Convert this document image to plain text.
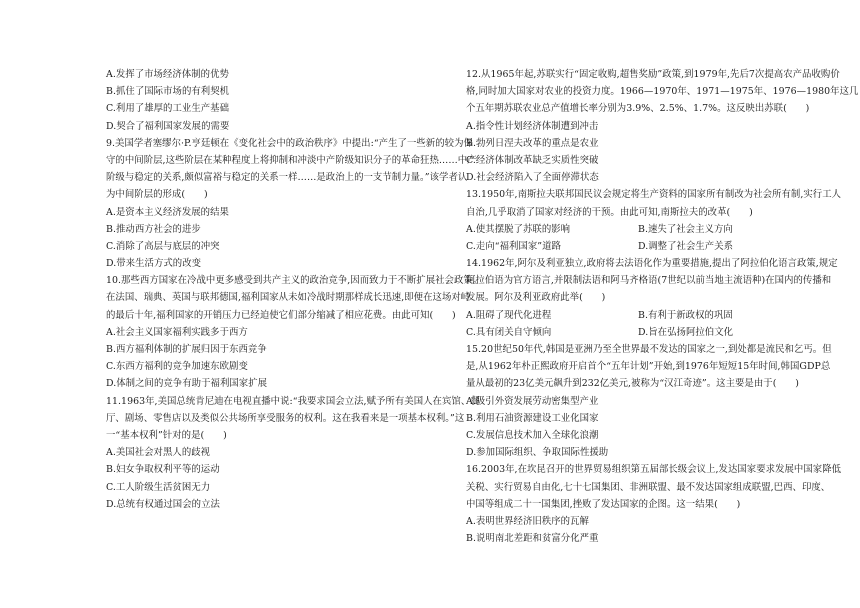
A.发挥了市场经济体制的优势
B.抓住了国际市场的有利契机
C.利用了雄厚的工业生产基础
D.契合了福利国家发展的需要
9.美国学者塞缪尔·P.亨廷顿在《变化社会中的政治秩序》中提出:“产生了一些新的较为保
守的中间阶层,这些阶层在某种程度上将抑制和冲淡中产阶级知识分子的革命狂热……中产
阶级与稳定的关系,颇似富裕与稳定的关系一样……是政治上的一支节制力量。”该学者认
为中间阶层的形成(　　)
A.是资本主义经济发展的结果
B.推动西方社会的进步
C.消除了高层与底层的冲突
D.带来生活方式的改变
10.那些西方国家在冷战中更多感受到共产主义的政治竞争,因而致力于不断扩展社会政策。
在法国、瑞典、英国与联邦德国,福利国家从未如冷战时期那样成长迅速,即便在这场对峙
的最后十年,福利国家的开销压力已经迫使它们部分缩减了相应花费。由此可知(　　)
A.社会主义国家福利实践多于西方
B.西方福利体制的扩展归因于东西竞争
C.东西方福利的竞争加速东欧剧变
D.体制之间的竞争有助于福利国家扩展
11.1963年,美国总统肯尼迪在电视直播中说:“我要求国会立法,赋予所有美国人在宾馆、餐
厅、剧场、零售店以及类似公共场所享受服务的权利。这在我看来是一项基本权利。”这
一“基本权利”针对的是(　　)
A.美国社会对黑人的歧视
B.妇女争取权利平等的运动
C.工人阶级生活贫困无力
D.总统有权通过国会的立法
12.从1965年起,苏联实行“固定收购,超售奖励”政策,到1979年,先后7次提高农产品收购价
格,同时加大国家对农业的投资力度。1966—1970年、1971—1975年、1976—1980年这几
个五年期苏联农业总产值增长率分别为3.9%、2.5%、1.7%。这反映出苏联(　　)
A.指令性计划经济体制遭到冲击
B.勃列日涅夫改革的重点是农业
C.经济体制改革缺乏实质性突破
D.社会经济陷入了全面停滞状态
13.1950年,南斯拉夫联邦国民议会规定将生产资料的国家所有制改为社会所有制,实行工人
自治,几乎取消了国家对经济的干预。由此可知,南斯拉夫的改革(　　)
A.使其摆脱了苏联的影响	B.速失了社会主义方向
C.走向“福利国家”道路	D.调整了社会生产关系
14.1962年,阿尔及利亚独立,政府将去法语化作为重要措施,提出了阿拉伯化语言政策,规定
阿拉伯语为官方语言,并限制法语和阿马齐格语(7世纪以前当地主流语种)在国内的传播和
发展。阿尔及利亚政府此举(　　)
A.阻碍了现代化进程	B.有利于新政权的巩固
C.具有闭关自守倾向	D.旨在弘扬阿拉伯文化
15.20世纪50年代,韩国是亚洲乃至全世界最不发达的国家之一,到处都是流民和乞丐。但
是,从1962年朴正熙政府开启首个“五年计划”开始,到1976年短短15年时间,韩国GDP总
量从最初的23亿美元飙升到232亿美元,被称为“汉江奇迹”。这主要是由于(　　)
A.吸引外资发展劳动密集型产业
B.利用石油资源建设工业化国家
C.发展信息技术加入全球化浪潮
D.参加国际组织、争取国际性援助
16.2003年,在坎昆召开的世界贸易组织第五届部长级会议上,发达国家要求发展中国家降低
关税、实行贸易自由化,七十七国集团、非洲联盟、最不发达国家组成联盟,巴西、印度、
中国等组成二十一国集团,挫败了发达国家的企图。这一结果(　　)
A.表明世界经济旧秩序的瓦解
B.说明南北差距和贫富分化严重
